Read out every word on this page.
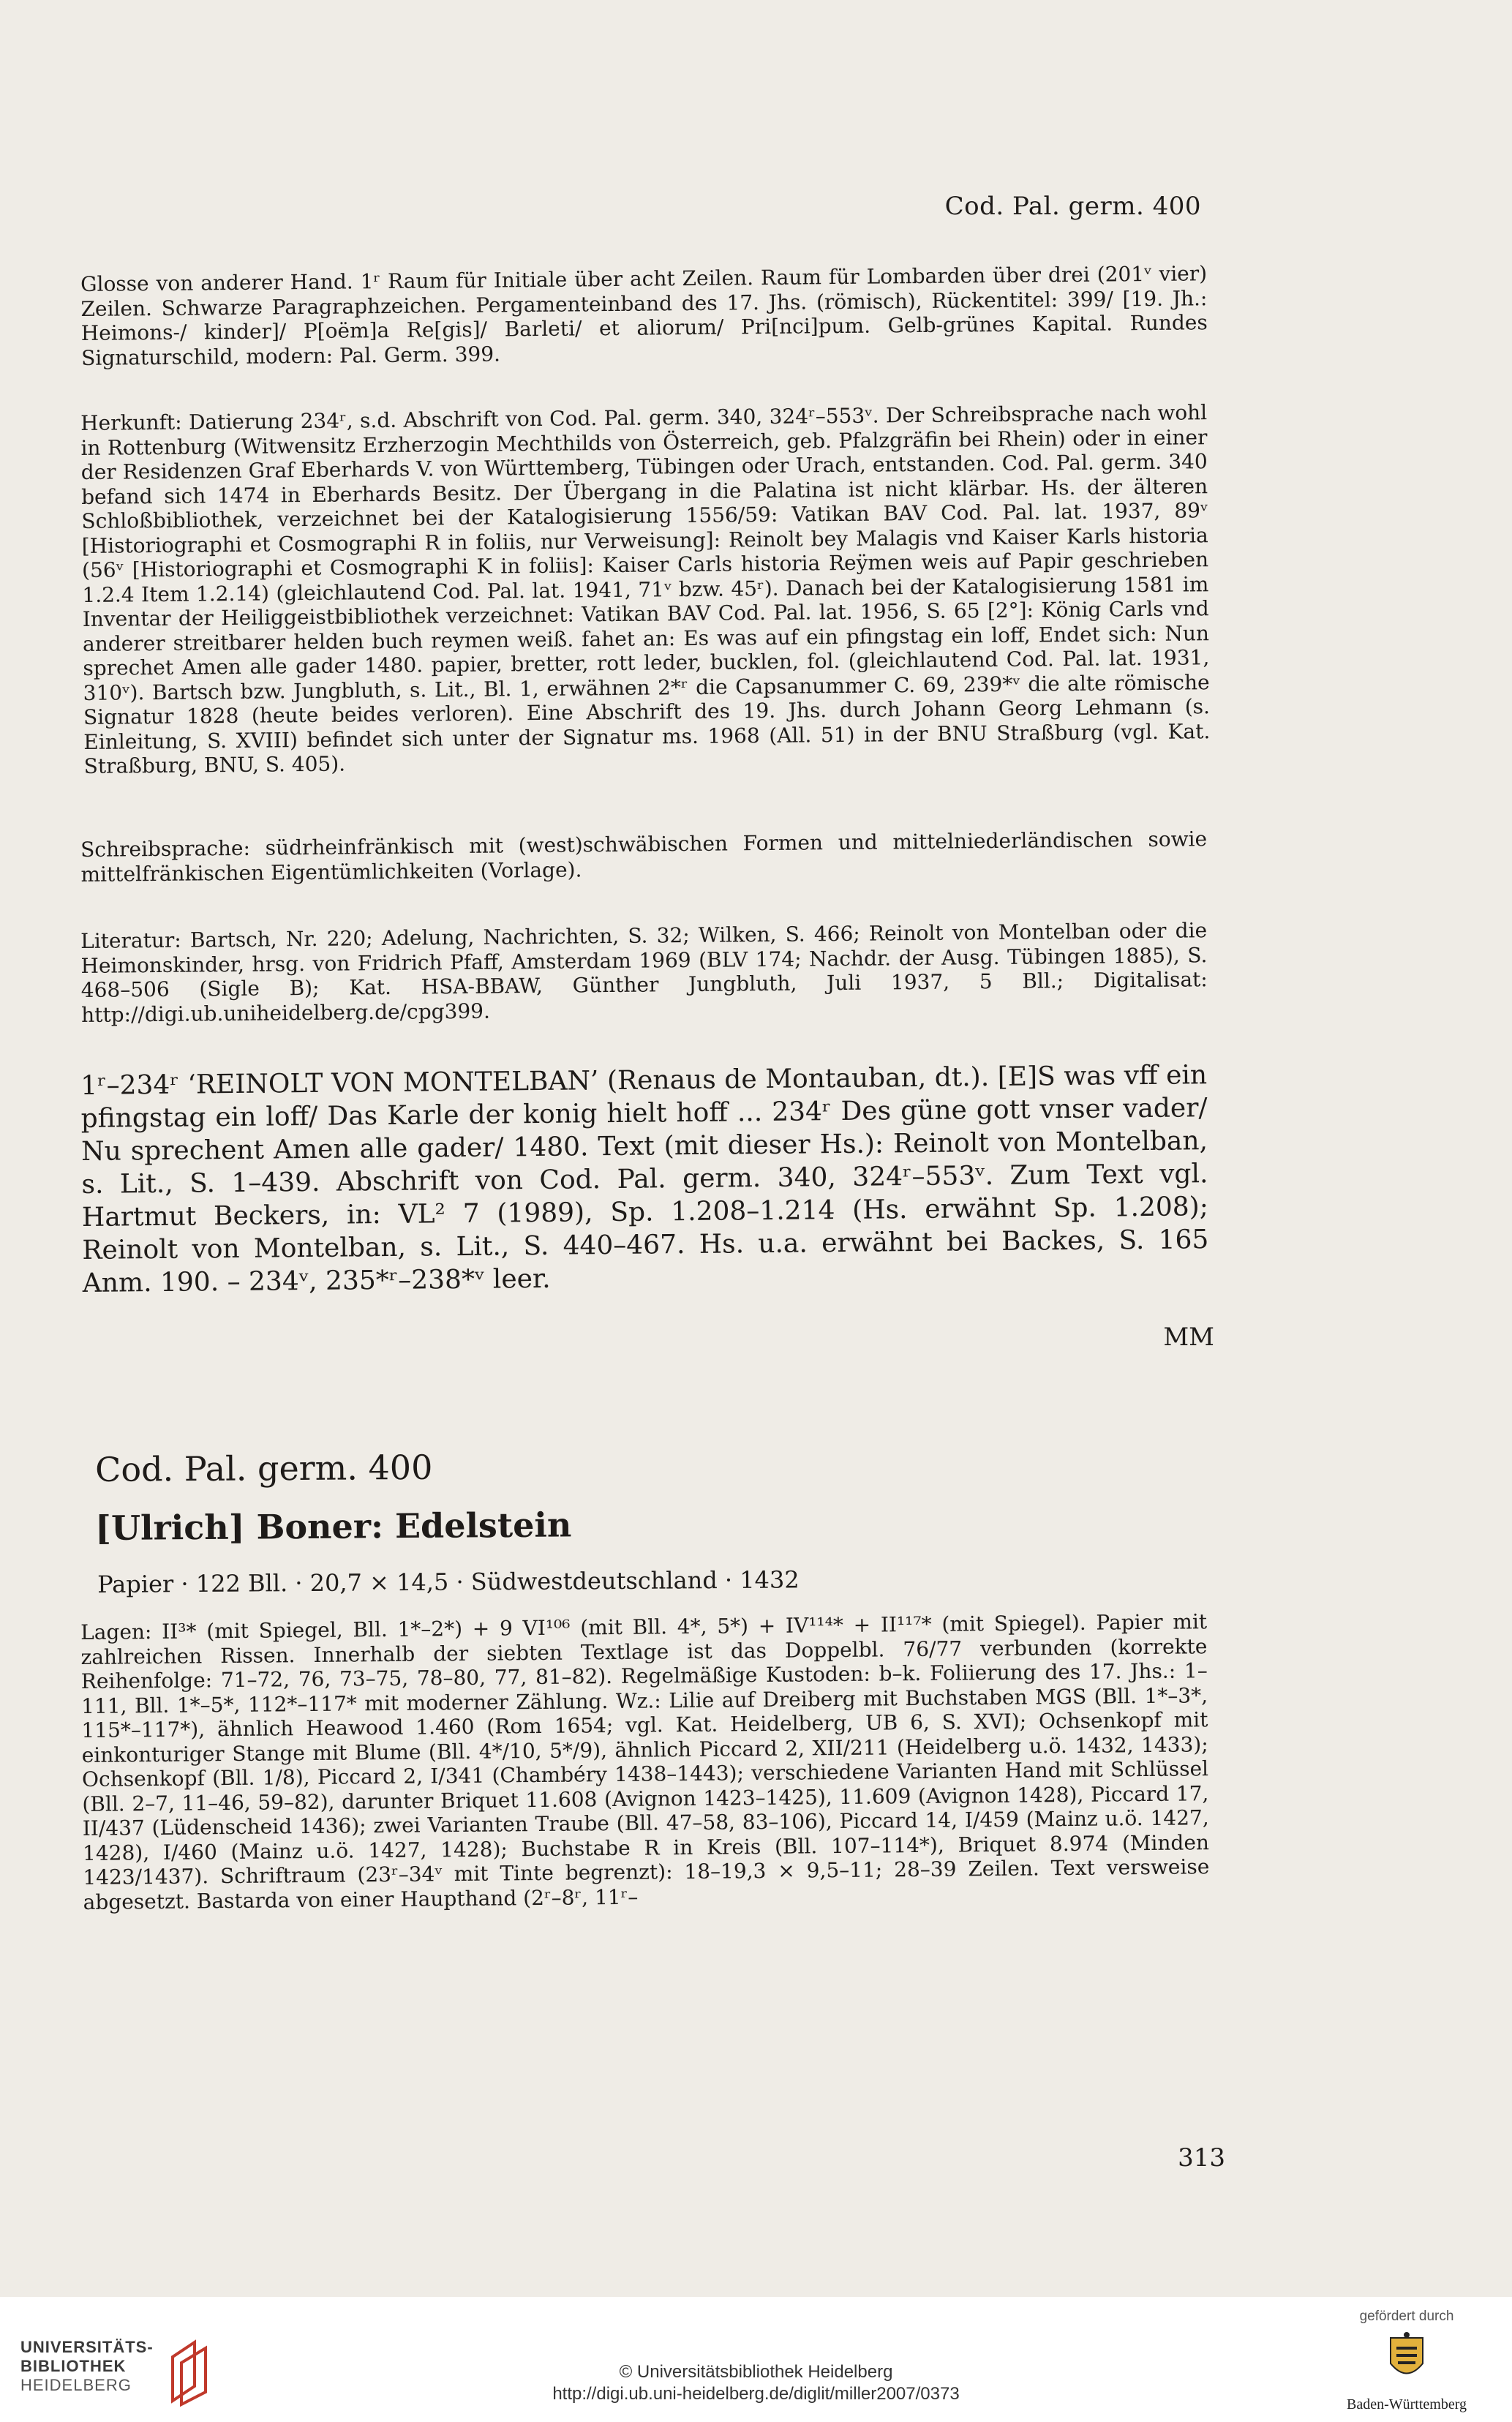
Cod. Pal. germ. 400

Glosse von anderer Hand. 1ʳ Raum für Initiale über acht Zeilen. Raum für Lombarden über drei (201ᵛ vier) Zeilen. Schwarze Paragraphzeichen. Pergamenteinband des 17. Jhs. (römisch), Rückentitel: 399/ [19. Jh.: Heimons-/ kinder]/ P[oëm]a Re[gis]/ Barleti/ et aliorum/ Pri[nci]pum. Gelb-grünes Kapital. Rundes Signaturschild, modern: Pal. Germ. 399.

Herkunft: Datierung 234ʳ, s.d. Abschrift von Cod. Pal. germ. 340, 324ʳ–553ᵛ. Der Schreibsprache nach wohl in Rottenburg (Witwensitz Erzherzogin Mechthilds von Österreich, geb. Pfalzgräfin bei Rhein) oder in einer der Residenzen Graf Eberhards V. von Württemberg, Tübingen oder Urach, entstanden. Cod. Pal. germ. 340 befand sich 1474 in Eberhards Besitz. Der Übergang in die Palatina ist nicht klärbar. Hs. der älteren Schloßbibliothek, verzeichnet bei der Katalogisierung 1556/59: Vatikan BAV Cod. Pal. lat. 1937, 89ᵛ [Historiographi et Cosmographi R in foliis, nur Verweisung]: Reinolt bey Malagis vnd Kaiser Karls historia (56ᵛ [Historiographi et Cosmographi K in foliis]: Kaiser Carls historia Reÿmen weis auf Papir geschrieben 1.2.4 Item 1.2.14) (gleichlautend Cod. Pal. lat. 1941, 71ᵛ bzw. 45ʳ). Danach bei der Katalogisierung 1581 im Inventar der Heiliggeistbibliothek verzeichnet: Vatikan BAV Cod. Pal. lat. 1956, S. 65 [2°]: König Carls vnd anderer streitbarer helden buch reymen weiß. fahet an: Es was auf ein pfingstag ein loff, Endet sich: Nun sprechet Amen alle gader 1480. papier, bretter, rott leder, bucklen, fol. (gleichlautend Cod. Pal. lat. 1931, 310ᵛ). Bartsch bzw. Jungbluth, s. Lit., Bl. 1, erwähnen 2*ʳ die Capsanummer C. 69, 239*ᵛ die alte römische Signatur 1828 (heute beides verloren). Eine Abschrift des 19. Jhs. durch Johann Georg Lehmann (s. Einleitung, S. XVIII) befindet sich unter der Signatur ms. 1968 (All. 51) in der BNU Straßburg (vgl. Kat. Straßburg, BNU, S. 405).

Schreibsprache: südrheinfränkisch mit (west)schwäbischen Formen und mittelniederländischen sowie mittelfränkischen Eigentümlichkeiten (Vorlage).

Literatur: Bartsch, Nr. 220; Adelung, Nachrichten, S. 32; Wilken, S. 466; Reinolt von Montelban oder die Heimonskinder, hrsg. von Fridrich Pfaff, Amsterdam 1969 (BLV 174; Nachdr. der Ausg. Tübingen 1885), S. 468–506 (Sigle B); Kat. HSA-BBAW, Günther Jungbluth, Juli 1937, 5 Bll.; Digitalisat: http://digi.ub.uniheidelberg.de/cpg399.

1ʳ–234ʳ ‘REINOLT VON MONTELBAN’ (Renaus de Montauban, dt.). [E]S was vff ein pfingstag ein loff/ Das Karle der konig hielt hoff ... 234ʳ Des güne gott vnser vader/ Nu sprechent Amen alle gader/ 1480. Text (mit dieser Hs.): Reinolt von Montelban, s. Lit., S. 1–439. Abschrift von Cod. Pal. germ. 340, 324ʳ–553ᵛ. Zum Text vgl. Hartmut Beckers, in: VL² 7 (1989), Sp. 1.208–1.214 (Hs. erwähnt Sp. 1.208); Reinolt von Montelban, s. Lit., S. 440–467. Hs. u.a. erwähnt bei Backes, S. 165 Anm. 190. – 234ᵛ, 235*ʳ–238*ᵛ leer.

MM
Cod. Pal. germ. 400
[Ulrich] Boner: Edelstein
Papier · 122 Bll. · 20,7 × 14,5 · Südwestdeutschland · 1432

Lagen: II³* (mit Spiegel, Bll. 1*–2*) + 9 VI¹⁰⁶ (mit Bll. 4*, 5*) + IV¹¹⁴* + II¹¹⁷* (mit Spiegel). Papier mit zahlreichen Rissen. Innerhalb der siebten Textlage ist das Doppelbl. 76/77 verbunden (korrekte Reihenfolge: 71–72, 76, 73–75, 78–80, 77, 81–82). Regelmäßige Kustoden: b–k. Foliierung des 17. Jhs.: 1–111, Bll. 1*–5*, 112*–117* mit moderner Zählung. Wz.: Lilie auf Dreiberg mit Buchstaben MGS (Bll. 1*–3*, 115*–117*), ähnlich Heawood 1.460 (Rom 1654; vgl. Kat. Heidelberg, UB 6, S. XVI); Ochsenkopf mit einkonturiger Stange mit Blume (Bll. 4*/10, 5*/9), ähnlich Piccard 2, XII/211 (Heidelberg u.ö. 1432, 1433); Ochsenkopf (Bll. 1/8), Piccard 2, I/341 (Chambéry 1438–1443); verschiedene Varianten Hand mit Schlüssel (Bll. 2–7, 11–46, 59–82), darunter Briquet 11.608 (Avignon 1423–1425), 11.609 (Avignon 1428), Piccard 17, II/437 (Lüdenscheid 1436); zwei Varianten Traube (Bll. 47–58, 83–106), Piccard 14, I/459 (Mainz u.ö. 1427, 1428), I/460 (Mainz u.ö. 1427, 1428); Buchstabe R in Kreis (Bll. 107–114*), Briquet 8.974 (Minden 1423/1437). Schriftraum (23ʳ–34ᵛ mit Tinte begrenzt): 18–19,3 × 9,5–11; 28–39 Zeilen. Text versweise abgesetzt. Bastarda von einer Haupthand (2ʳ–8ʳ, 11ʳ–

313
UNIVERSITÄTS-
BIBLIOTHEK
HEIDELBERG
© Universitätsbibliothek Heidelberg
http://digi.ub.uni-heidelberg.de/diglit/miller2007/0373
gefördert durch
Baden-Württemberg
